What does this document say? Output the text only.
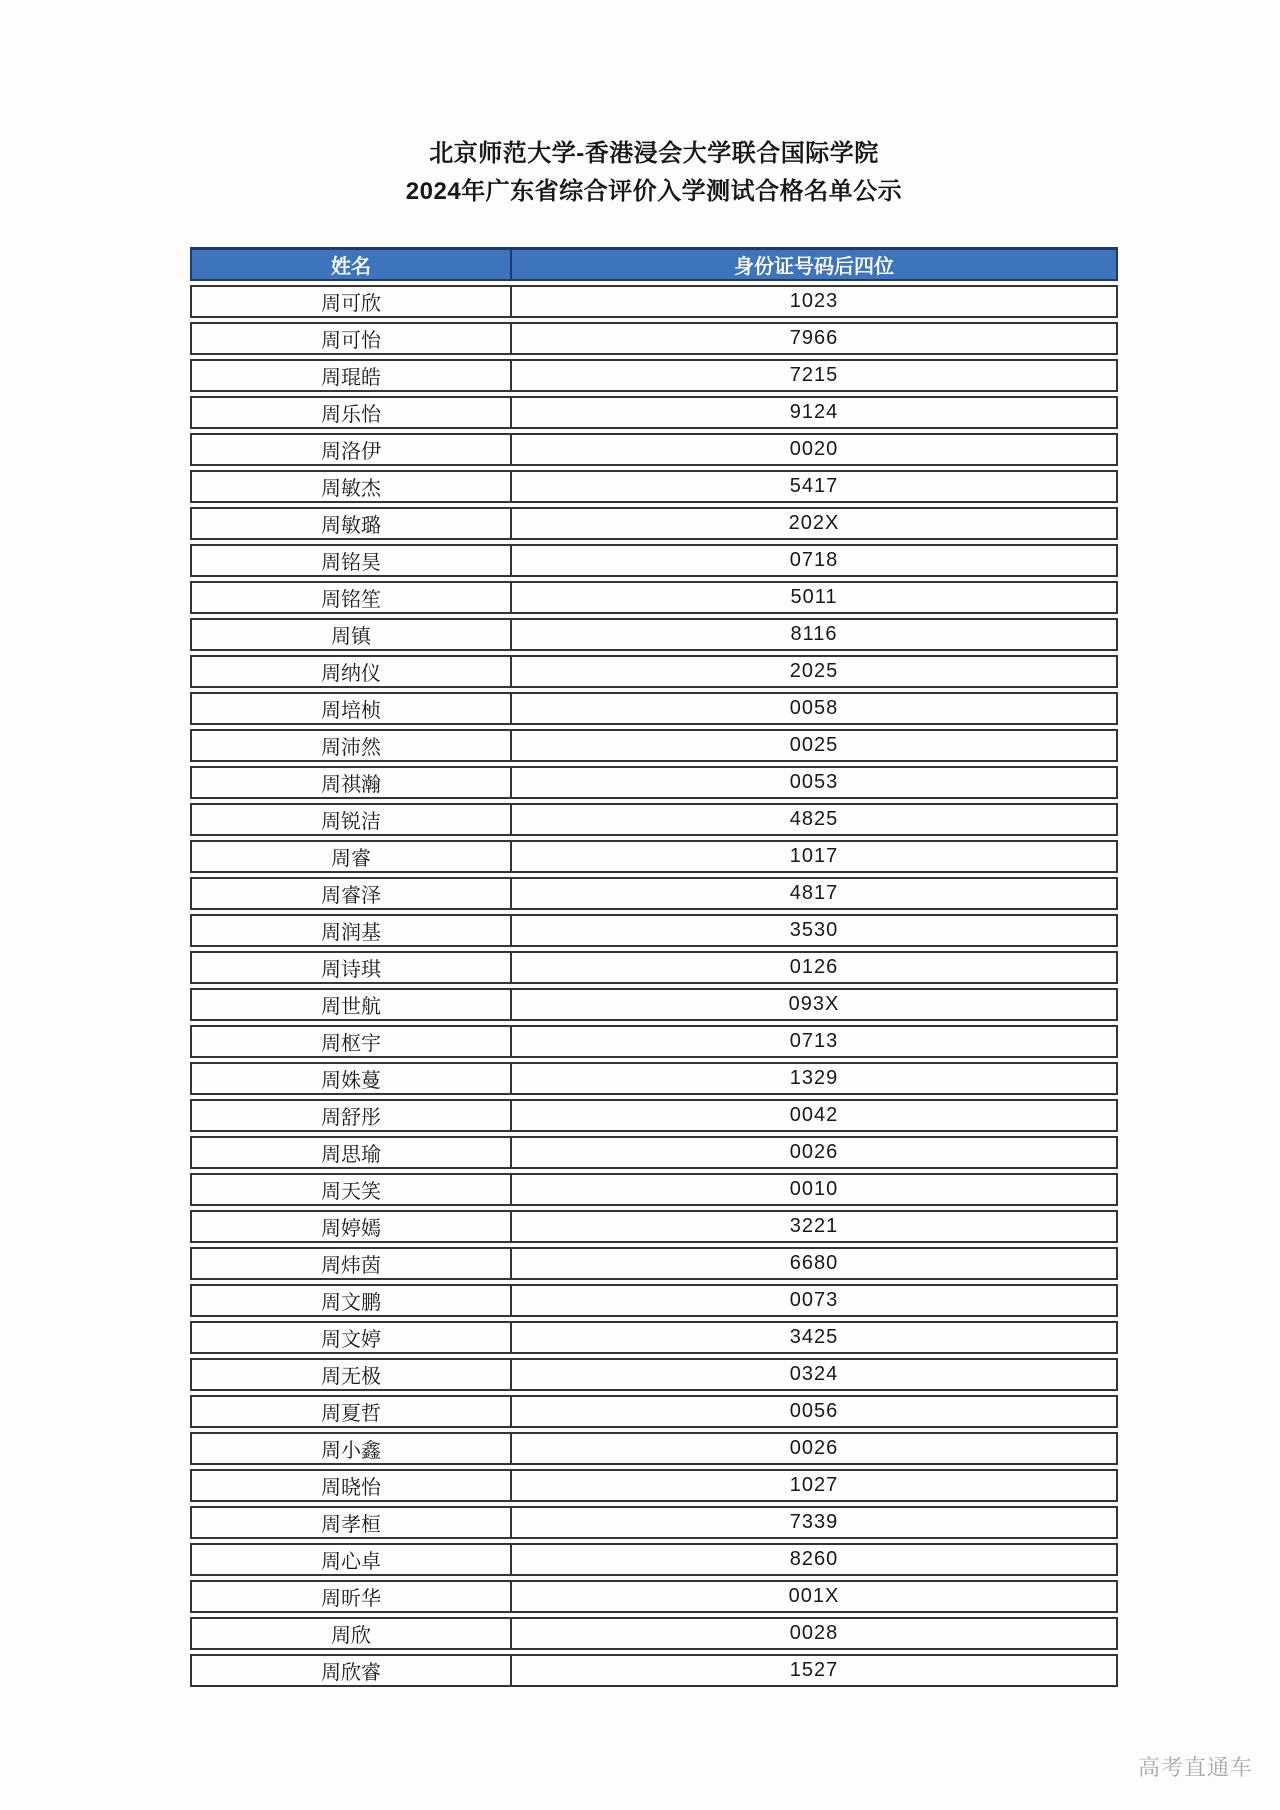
北京师范大学-香港浸会大学联合国际学院
2024年广东省综合评价入学测试合格名单公示
姓名	身份证号码后四位
周可欣	1023
周可怡	7966
周琨皓	7215
周乐怡	9124
周洛伊	0020
周敏杰	5417
周敏璐	202X
周铭昊	0718
周铭笙	5011
周镇	8116
周纳仪	2025
周培桢	0058
周沛然	0025
周祺瀚	0053
周锐洁	4825
周睿	1017
周睿泽	4817
周润基	3530
周诗琪	0126
周世航	093X
周枢宇	0713
周姝蔓	1329
周舒彤	0042
周思瑜	0026
周天笑	0010
周婷嫣	3221
周炜茵	6680
周文鹏	0073
周文婷	3425
周无极	0324
周夏哲	0056
周小鑫	0026
周晓怡	1027
周孝桓	7339
周心卓	8260
周昕华	001X
周欣	0028
周欣睿	1527
高考直通车
